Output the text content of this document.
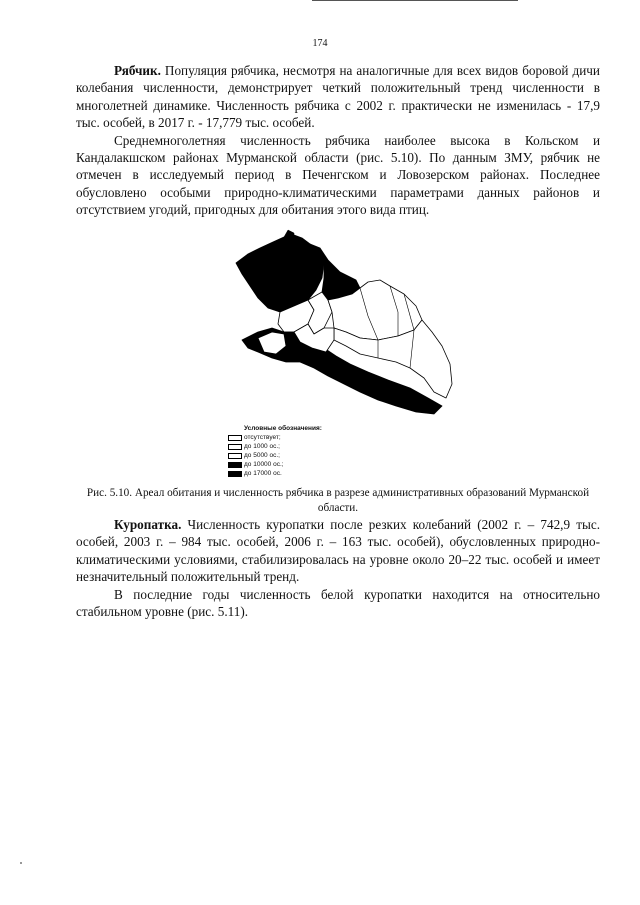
174

Рябчик. Популяция рябчика, несмотря на аналогичные для всех видов боровой дичи колебания численности, демонстрирует четкий положительный тренд численности в многолетней динамике. Численность рябчика с 2002 г. практически не изменилась - 17,9 тыс. особей, в 2017 г. - 17,779 тыс. особей.

Среднемноголетняя численность рябчика наиболее высока в Кольском и Кандалакшском районах Мурманской области (рис. 5.10). По данным ЗМУ, рябчик не отмечен в исследуемый период в Печенгском и Ловозерском районах. Последнее обусловлено особыми природно-климатическими параметрами данных районов и отсутствием угодий, пригодных для обитания этого вида птиц.

Условные обозначения:
отсутствует;
до 1000 ос.;
до 5000 ос.;
до 10000 ос.;
до 17000 ос.
Рис. 5.10. Ареал обитания и численность рябчика в разрезе административных образований Мурманской области.

Куропатка. Численность куропатки после резких колебаний (2002 г. – 742,9 тыс. особей, 2003 г. – 984 тыс. особей, 2006 г. – 163 тыс. особей), обусловленных природно-климатическими условиями, стабилизировалась на уровне около 20–22 тыс. особей и имеет незначительный положительный тренд.

В последние годы численность белой куропатки находится на относительно стабильном уровне (рис. 5.11).
